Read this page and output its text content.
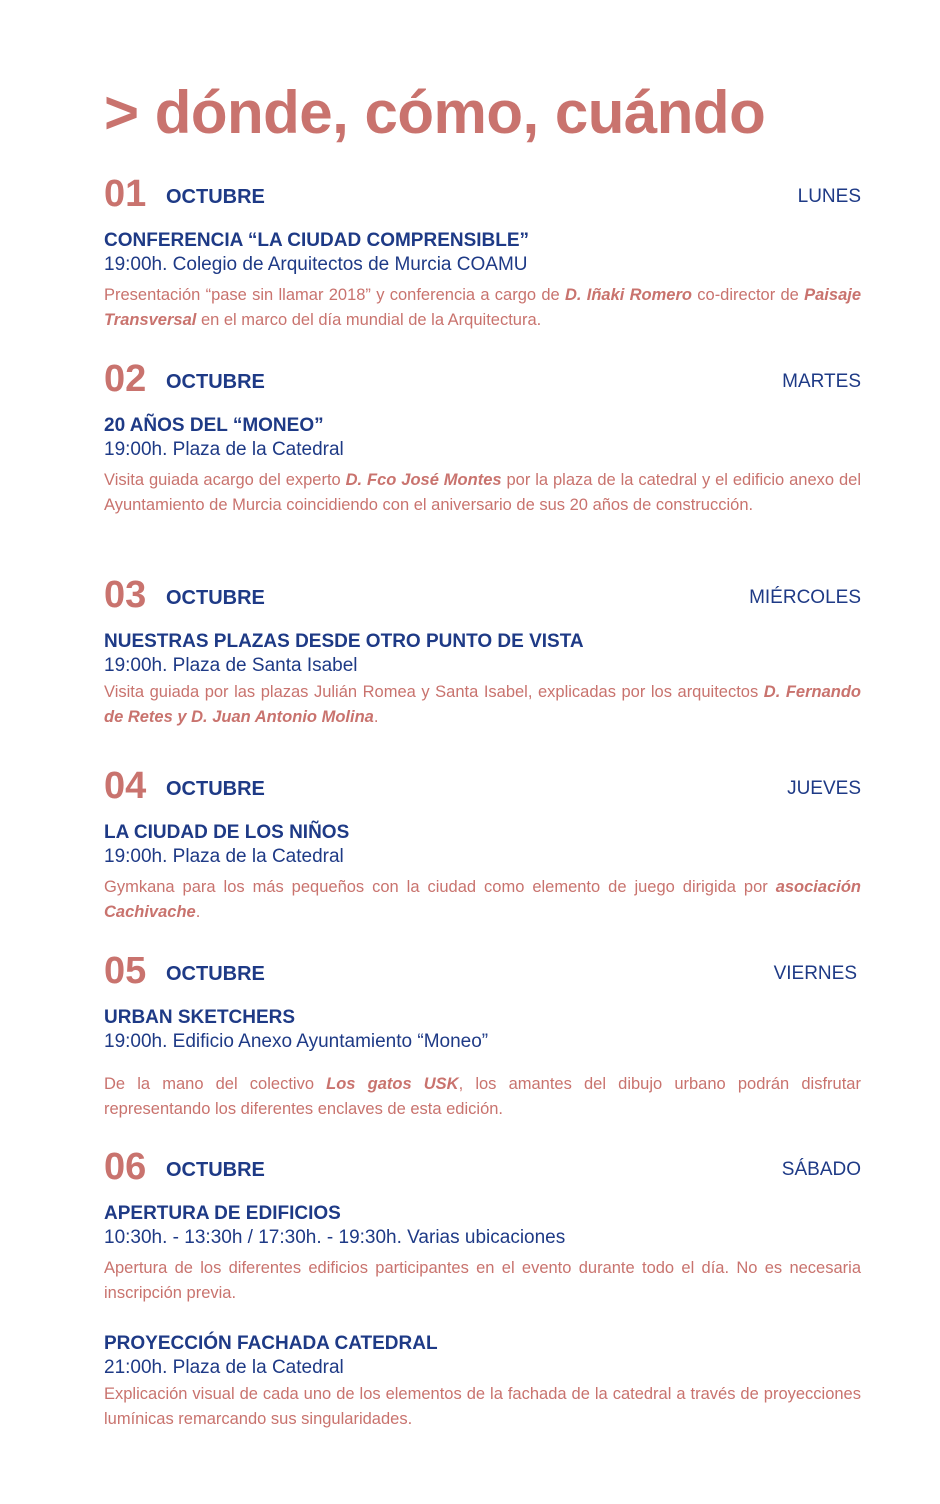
> dónde, cómo, cuándo
01 OCTUBRE	LUNES
CONFERENCIA “LA CIUDAD COMPRENSIBLE”
19:00h. Colegio de Arquitectos de Murcia COAMU
Presentación “pase sin llamar 2018” y conferencia a cargo de D. Iñaki Romero co-director de Paisaje Transversal en el marco del día mundial de la Arquitectura.
02 OCTUBRE	MARTES
20 AÑOS DEL “MONEO”
19:00h. Plaza de la Catedral
Visita guiada acargo del experto D. Fco José Montes por la plaza de la catedral y el edificio anexo del Ayuntamiento de Murcia coincidiendo con el aniversario de sus 20 años de construcción.
03 OCTUBRE	MIÉRCOLES
NUESTRAS PLAZAS DESDE OTRO PUNTO DE VISTA
19:00h. Plaza de Santa Isabel
Visita guiada por las plazas Julián Romea y Santa Isabel, explicadas por los arquitectos D. Fernando de Retes y D. Juan Antonio Molina.
04 OCTUBRE	JUEVES
LA CIUDAD DE LOS NIÑOS
19:00h. Plaza de la Catedral
Gymkana para los más pequeños con la ciudad como elemento de juego dirigida por asociación Cachivache.
05 OCTUBRE	VIERNES
URBAN SKETCHERS
19:00h. Edificio Anexo Ayuntamiento “Moneo”
De la mano del colectivo Los gatos USK, los amantes del dibujo urbano podrán disfrutar representando los diferentes enclaves de esta edición.
06 OCTUBRE	SÁBADO
APERTURA DE EDIFICIOS
10:30h. - 13:30h / 17:30h. - 19:30h. Varias ubicaciones
Apertura de los diferentes edificios participantes en el evento durante todo el día. No es necesaria inscripción previa.
PROYECCIÓN FACHADA CATEDRAL
21:00h. Plaza de la Catedral
Explicación visual de cada uno de los elementos de la fachada de la catedral a través de proyecciones lumínicas remarcando sus singularidades.
